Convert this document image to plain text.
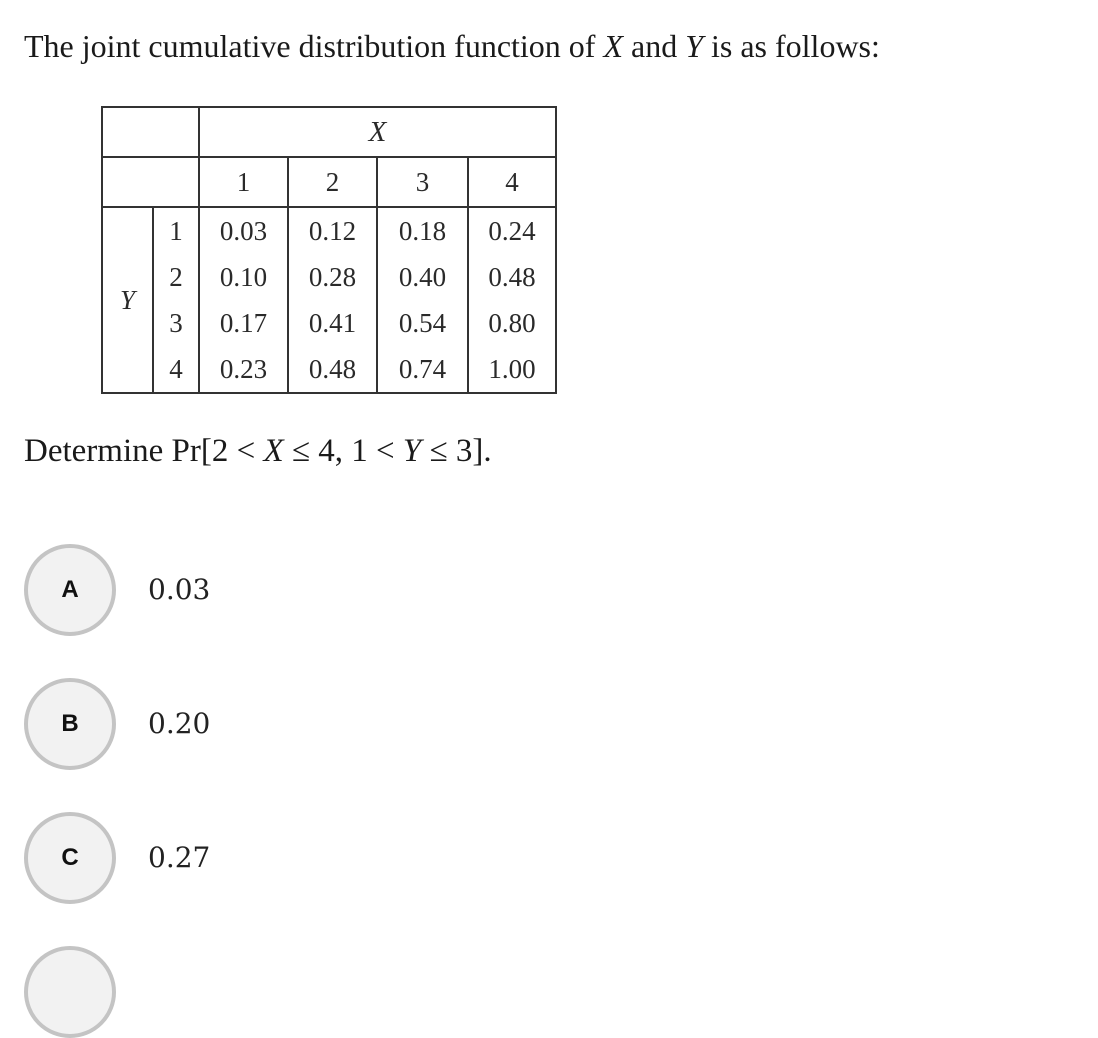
The joint cumulative distribution function of X and Y is as follows:
		X			
		1	2	3	4
Y	1	0.03	0.12	0.18	0.24
	2	0.10	0.28	0.40	0.48
	3	0.17	0.41	0.54	0.80
	4	0.23	0.48	0.74	1.00
Determine Pr[2 < X ≤ 4, 1 < Y ≤ 3].
A	0.03
B	0.20
C	0.27
